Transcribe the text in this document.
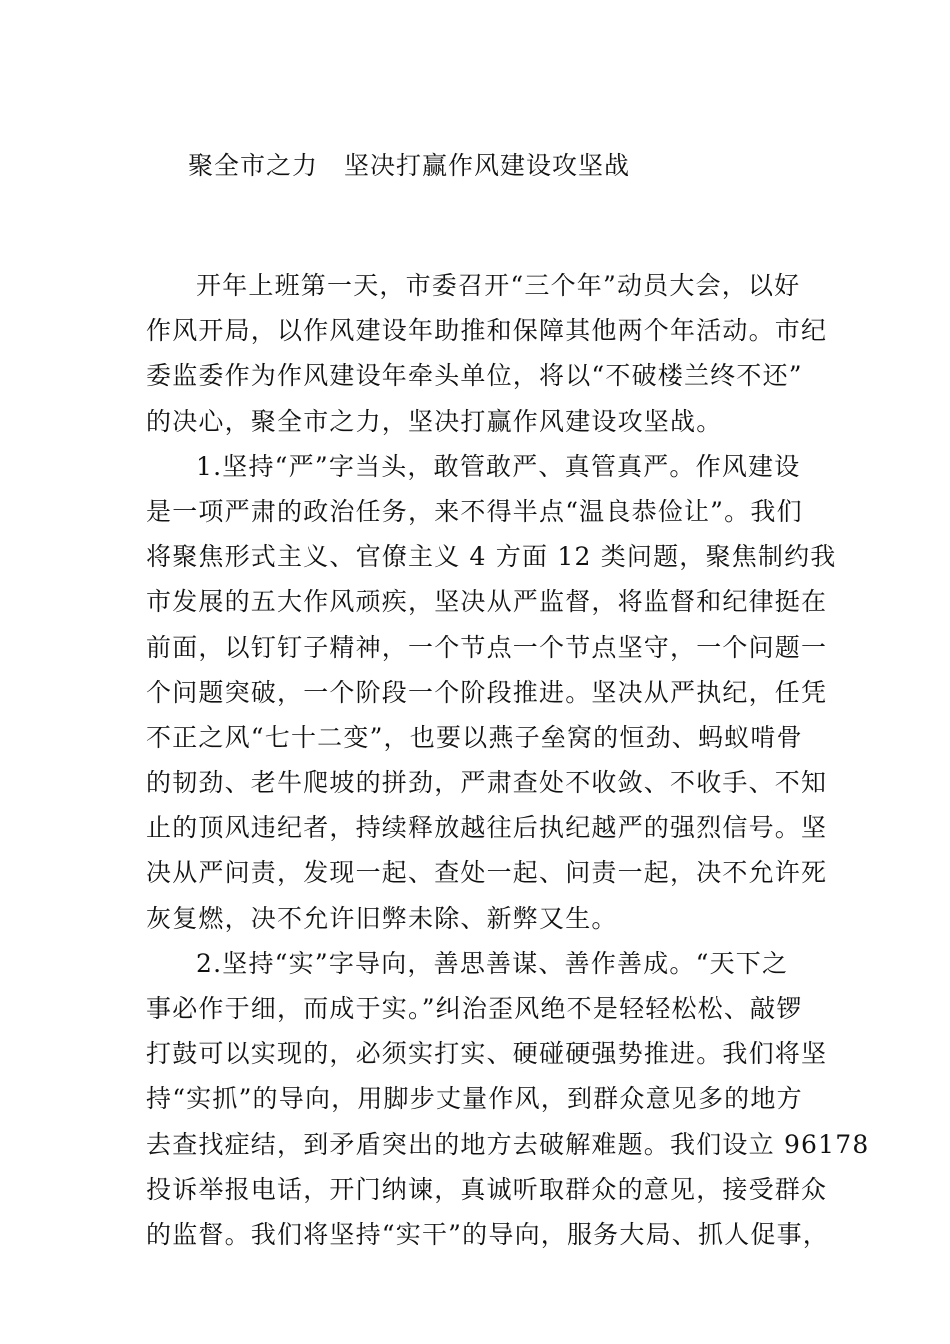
聚全市之力　坚决打赢作风建设攻坚战
开年上班第一天，市委召开“三个年”动员大会，以好
作风开局，以作风建设年助推和保障其他两个年活动。市纪
委监委作为作风建设年牵头单位，将以“不破楼兰终不还”
的决心，聚全市之力，坚决打赢作风建设攻坚战。
1.坚持“严”字当头，敢管敢严、真管真严。作风建设
是一项严肃的政治任务，来不得半点“温良恭俭让”。我们
将聚焦形式主义、官僚主义 4 方面 12 类问题，聚焦制约我
市发展的五大作风顽疾，坚决从严监督，将监督和纪律挺在
前面，以钉钉子精神，一个节点一个节点坚守，一个问题一
个问题突破，一个阶段一个阶段推进。坚决从严执纪，任凭
不正之风“七十二变”，也要以燕子垒窝的恒劲、蚂蚁啃骨
的韧劲、老牛爬坡的拼劲，严肃查处不收敛、不收手、不知
止的顶风违纪者，持续释放越往后执纪越严的强烈信号。坚
决从严问责，发现一起、查处一起、问责一起，决不允许死
灰复燃，决不允许旧弊未除、新弊又生。
2.坚持“实”字导向，善思善谋、善作善成。“天下之
事必作于细，而成于实。”纠治歪风绝不是轻轻松松、敲锣
打鼓可以实现的，必须实打实、硬碰硬强势推进。我们将坚
持“实抓”的导向，用脚步丈量作风，到群众意见多的地方
去查找症结，到矛盾突出的地方去破解难题。我们设立 96178
投诉举报电话，开门纳谏，真诚听取群众的意见，接受群众
的监督。我们将坚持“实干”的导向，服务大局、抓人促事，
